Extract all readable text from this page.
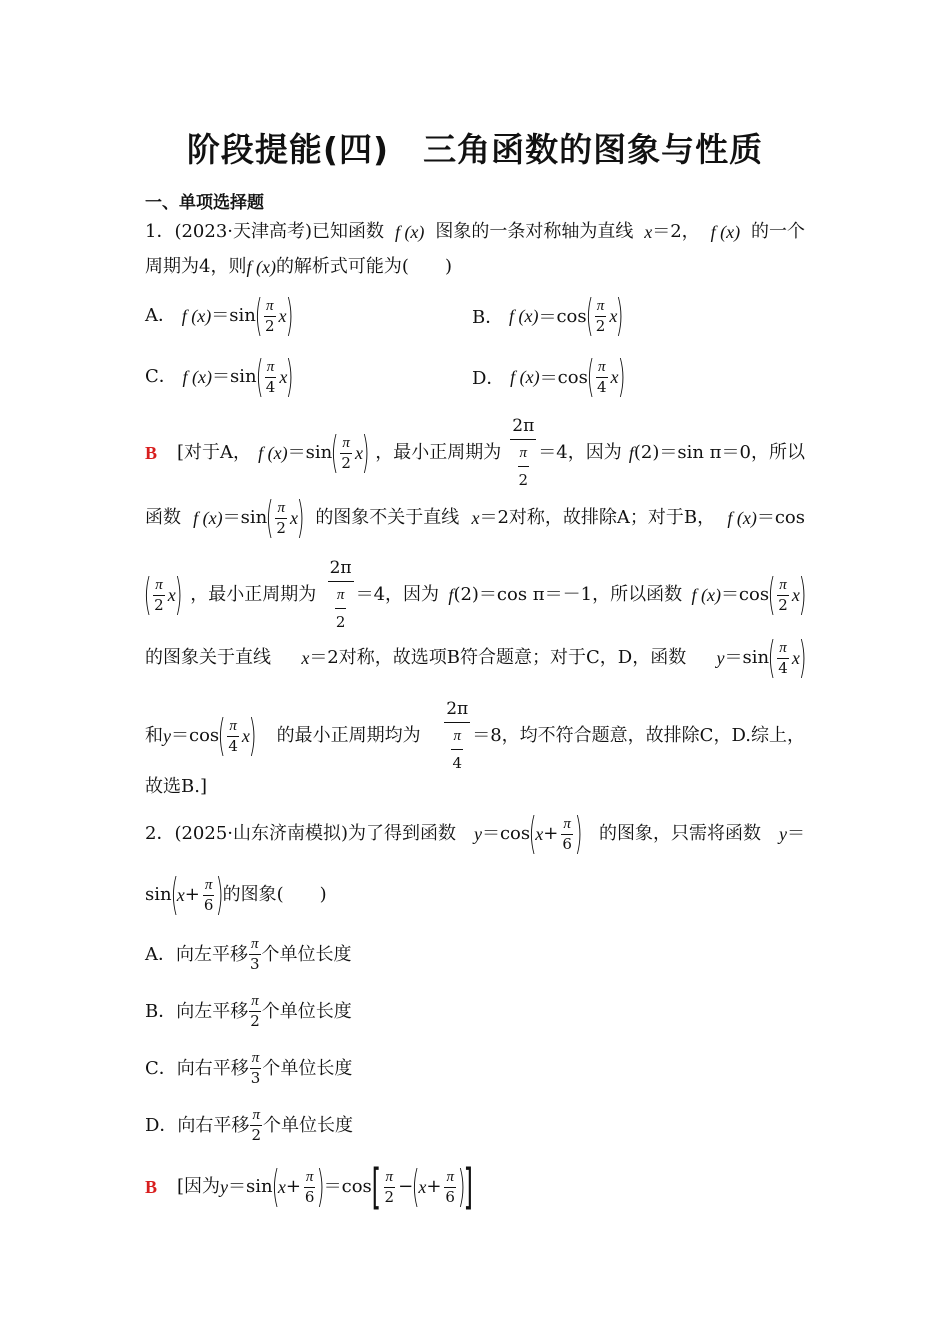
阶段提能(四) 三角函数的图象与性质
一、单项选择题
1．(2023·天津高考)已知函数 f (x) 图象的一条对称轴为直线 x ＝2， f (x) 的一个
周期为4，则 f (x) 的解析式可能为(　　)
A．
f (x) ＝ sin
( π
2 x
)	B．
f (x) ＝ cos
( π
2 x
)
C．
f (x) ＝ sin
( π
4 x
)	D．
f (x) ＝ cos
( π
4 x
)
B [对于A， f (x) ＝ sin
( π
2 x
) ，最小正周期为
2π
$\frac{\pi}{2} =4$，因为 f (2)＝sin π＝0，所以
函数 f (x) ＝ sin
( π
2 x
) 的图象不关于直线 x ＝2对称，故排除A；对于B， f (x) ＝cos
( π
2 x
) ，最小正周期为
2π
$\frac{\pi}{2} =4$，因为 f (2)＝cos π＝－1，所以函数 f (x) ＝cos
( π
2 x
)
的图象关于直线 x ＝2对称，故选项B符合题意；对于C，D，函数 y ＝sin
( π
4 x
)
和 y ＝cos
( π
4 x
) 的最小正周期均为
2π
$\frac{\pi}{4} =8$，均不符合题意，故排除C，D.综上，
故选B.]
2．(2025·山东济南模拟)为了得到函数 y ＝cos
(
$x + \frac{\pi}{6}$ ) 的图象，只需将函数 y ＝
sin
(
$x + \frac{\pi}{6}$ )
的图象(　　)
A．向左平移 π
3 个单位长度
B．向左平移 π
2 个单位长度
C．向右平移 π
3 个单位长度
D．向右平移 π
2 个单位长度
B [因为 y ＝sin
(
$x + \frac{\pi}{6}$ )
＝cos [ π
2 −
(
$x + \frac{\pi}{6}$ )
]
